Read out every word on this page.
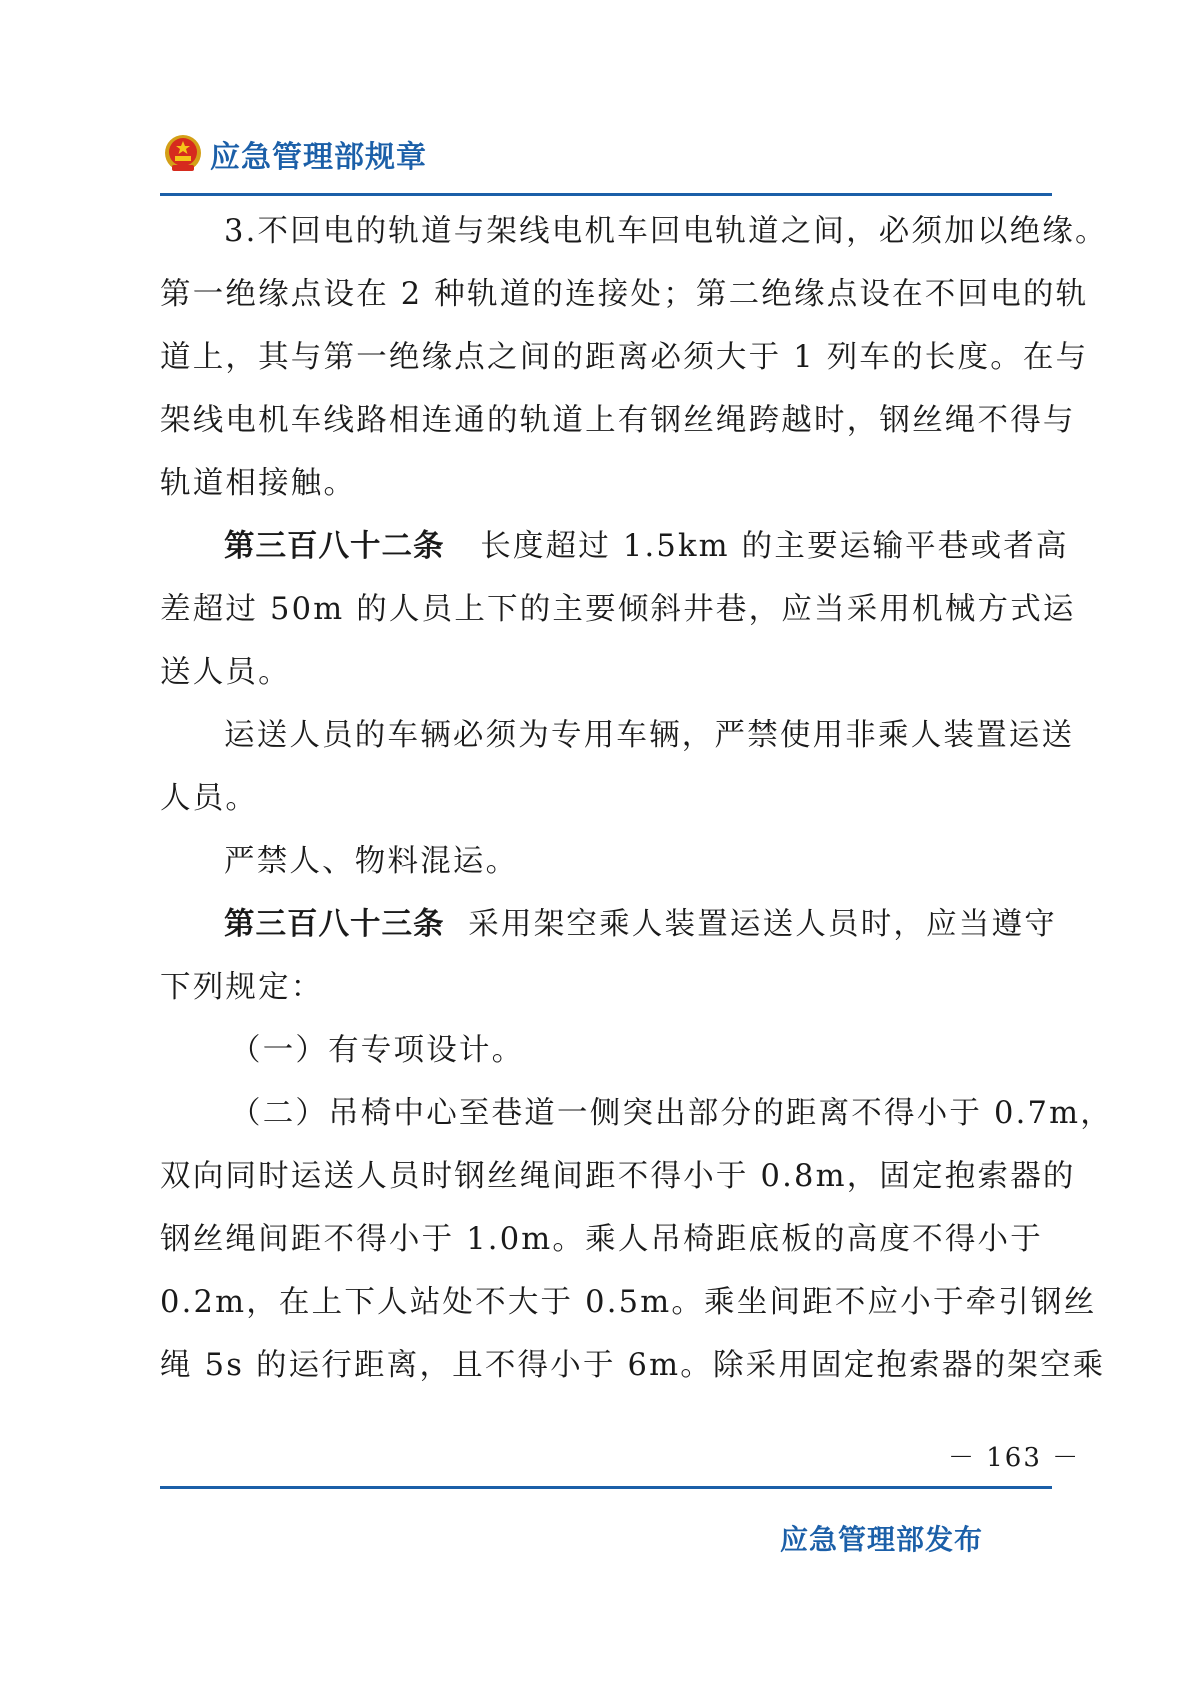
应急管理部规章
3.不回电的轨道与架线电机车回电轨道之间，必须加以绝缘。
第一绝缘点设在 2 种轨道的连接处；第二绝缘点设在不回电的轨
道上，其与第一绝缘点之间的距离必须大于 1 列车的长度。在与
架线电机车线路相连通的轨道上有钢丝绳跨越时，钢丝绳不得与
轨道相接触。
第三百八十二条 长度超过 1.5km 的主要运输平巷或者高
差超过 50m 的人员上下的主要倾斜井巷，应当采用机械方式运
送人员。
运送人员的车辆必须为专用车辆，严禁使用非乘人装置运送
人员。
严禁人、物料混运。
第三百八十三条 采用架空乘人装置运送人员时，应当遵守
下列规定：
（一）有专项设计。
（二）吊椅中心至巷道一侧突出部分的距离不得小于 0.7m，
双向同时运送人员时钢丝绳间距不得小于 0.8m，固定抱索器的
钢丝绳间距不得小于 1.0m。乘人吊椅距底板的高度不得小于
0.2m，在上下人站处不大于 0.5m。乘坐间距不应小于牵引钢丝
绳 5s 的运行距离，且不得小于 6m。除采用固定抱索器的架空乘
－ 163 －
应急管理部发布
